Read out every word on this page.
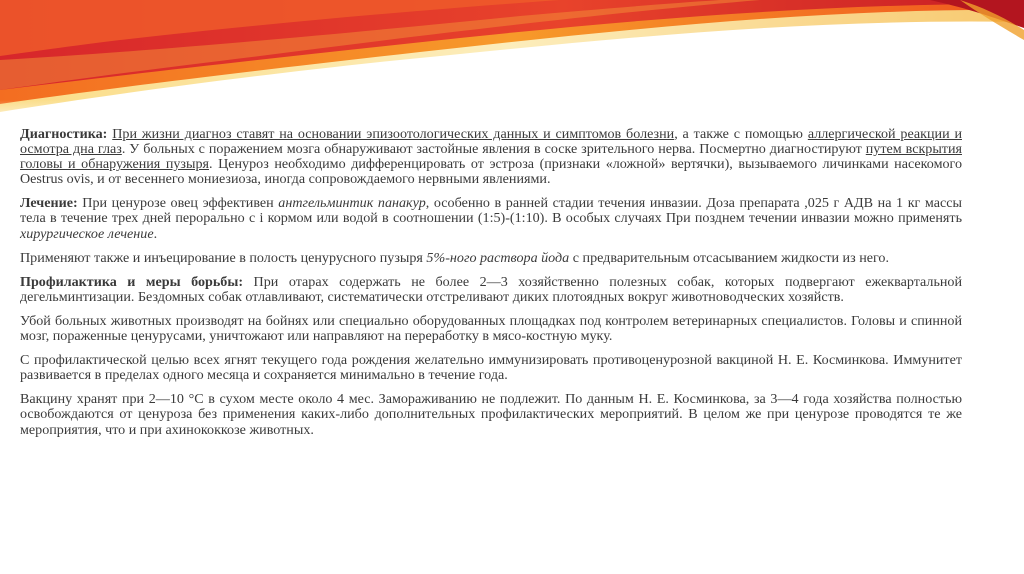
Диагностика: При жизни диагноз ставят на основании эпизоотологических данных и симптомов болезни, а также с помощью аллергической реакции и осмотра дна глаз. У больных с поражением мозга обнаруживают застойные явления в соске зрительного нерва. Посмертно диагностируют путем вскрытия головы и обнаружения пузыря. Ценуроз необходимо дифференцировать от эстроза (признаки «ложной» вертячки), вызываемого личинками насекомого Oestrus ovis, и от весеннего мониезиоза, иногда сопровождаемого нервными явлениями.

Лечение: При ценурозе овец эффективен антгельминтик панакур, особенно в ранней стадии течения инвазии. Доза препарата ,025 г АДВ на 1 кг массы тела в течение трех дней перорально с і кормом или водой в соотношении (1:5)-(1:10). В особых случаях При позднем течении инвазии можно применять хирургическое лечение.

Применяют также и инъецирование в полость ценурусного пузыря 5%-ного раствора йода с предварительным отсасыванием жидкости из него.

Профилактика и меры борьбы: При отарах содержать не более 2—3 хозяйственно полезных собак, которых подвергают ежеквартальной дегельминтизации. Бездомных собак отлавливают, систематически отстреливают диких плотоядных вокруг животноводческих хозяйств.

Убой больных животных производят на бойнях или специально оборудованных площадках под контролем ветеринарных специалистов. Головы и спинной мозг, пораженные ценурусами, уничтожают или направляют на переработку в мясо-костную муку.

С профилактической целью всех ягнят текущего года рождения желательно иммунизировать противоценурозной вакциной Н. Е. Косминкова. Иммунитет развивается в пределах одного месяца и сохраняется минимально в течение года.

Вакцину хранят при 2—10 °С в сухом месте около 4 мес. Замораживанию не подлежит. По данным Н. Е. Косминкова, за 3—4 года хозяйства полностью освобождаются от ценуроза без применения каких-либо дополнительных профилактических мероприятий. В целом же при ценурозе проводятся те же мероприятия, что и при ахинококкозе животных.
